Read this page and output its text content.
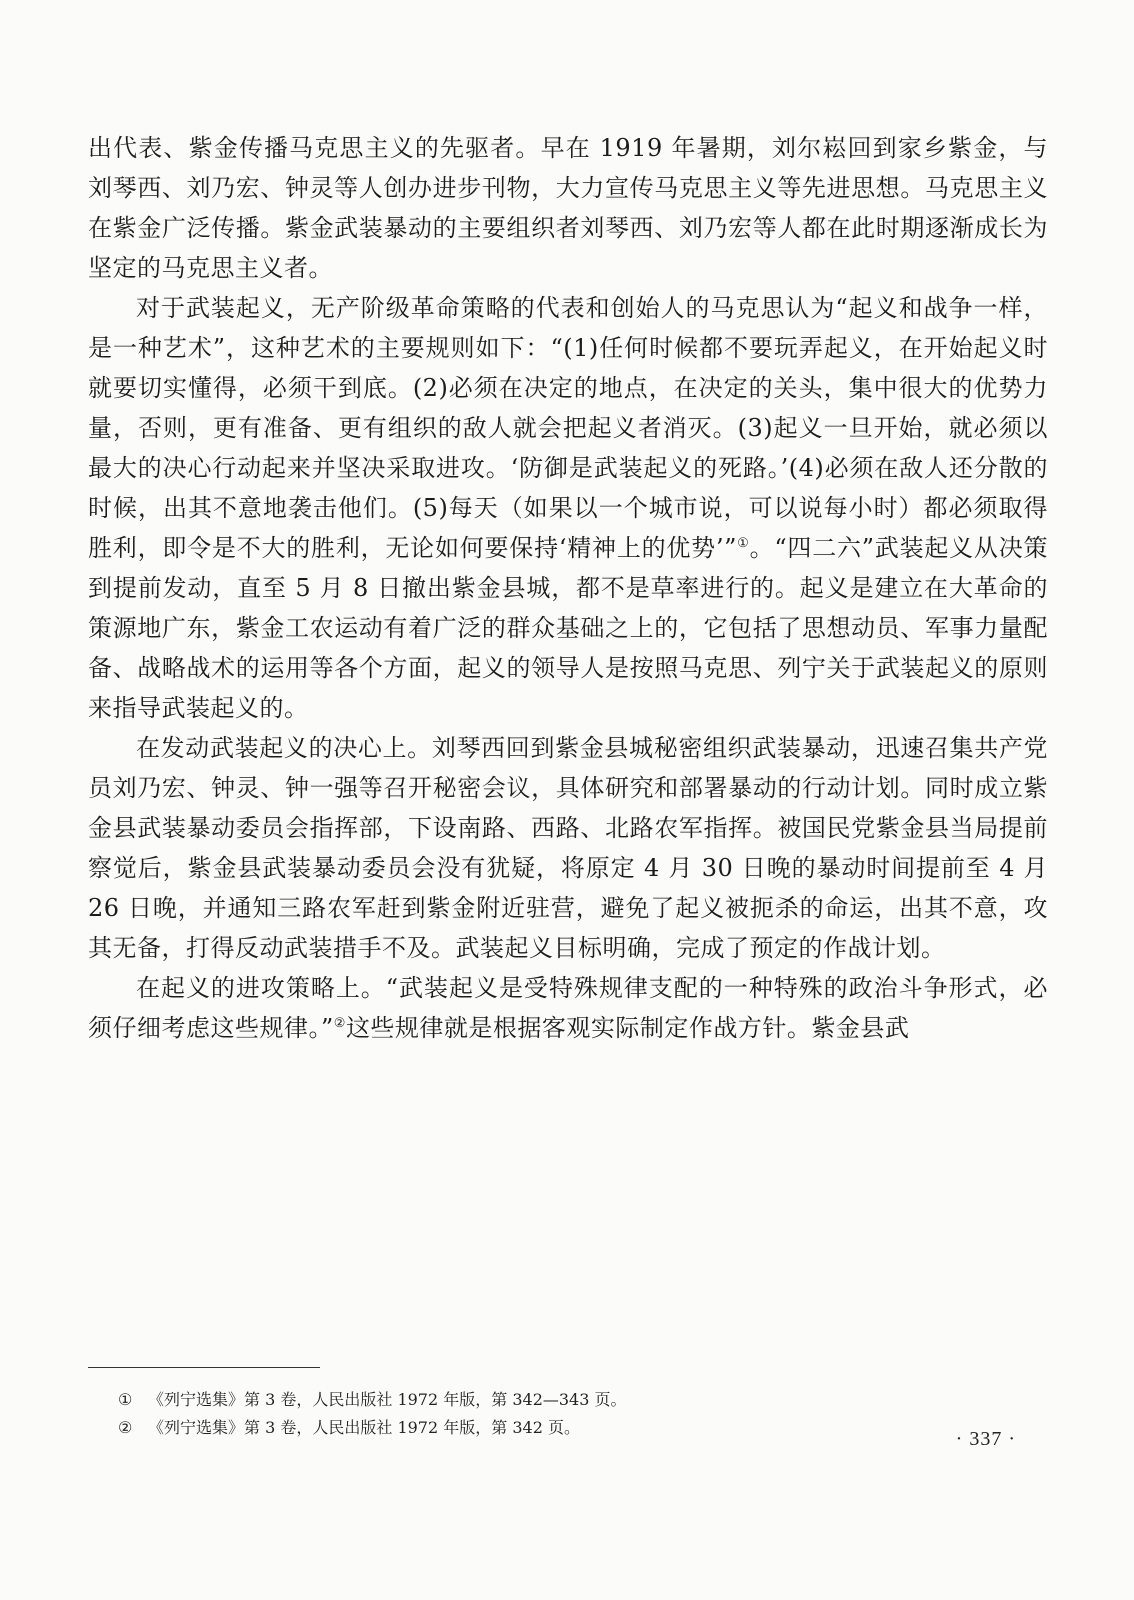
出代表、紫金传播马克思主义的先驱者。早在 1919 年暑期，刘尔崧回到家乡紫金，与刘琴西、刘乃宏、钟灵等人创办进步刊物，大力宣传马克思主义等先进思想。马克思主义在紫金广泛传播。紫金武装暴动的主要组织者刘琴西、刘乃宏等人都在此时期逐渐成长为坚定的马克思主义者。

对于武装起义，无产阶级革命策略的代表和创始人的马克思认为“起义和战争一样，是一种艺术”，这种艺术的主要规则如下：“(1)任何时候都不要玩弄起义，在开始起义时就要切实懂得，必须干到底。(2)必须在决定的地点，在决定的关头，集中很大的优势力量，否则，更有准备、更有组织的敌人就会把起义者消灭。(3)起义一旦开始，就必须以最大的决心行动起来并坚决采取进攻。‘防御是武装起义的死路。’(4)必须在敌人还分散的时候，出其不意地袭击他们。(5)每天（如果以一个城市说，可以说每小时）都必须取得胜利，即令是不大的胜利，无论如何要保持‘精神上的优势’”①。“四二六”武装起义从决策到提前发动，直至 5 月 8 日撤出紫金县城，都不是草率进行的。起义是建立在大革命的策源地广东，紫金工农运动有着广泛的群众基础之上的，它包括了思想动员、军事力量配备、战略战术的运用等各个方面，起义的领导人是按照马克思、列宁关于武装起义的原则来指导武装起义的。

在发动武装起义的决心上。刘琴西回到紫金县城秘密组织武装暴动，迅速召集共产党员刘乃宏、钟灵、钟一强等召开秘密会议，具体研究和部署暴动的行动计划。同时成立紫金县武装暴动委员会指挥部，下设南路、西路、北路农军指挥。被国民党紫金县当局提前察觉后，紫金县武装暴动委员会没有犹疑，将原定 4 月 30 日晚的暴动时间提前至 4 月 26 日晚，并通知三路农军赶到紫金附近驻营，避免了起义被扼杀的命运，出其不意，攻其无备，打得反动武装措手不及。武装起义目标明确，完成了预定的作战计划。

在起义的进攻策略上。“武装起义是受特殊规律支配的一种特殊的政治斗争形式，必须仔细考虑这些规律。”②这些规律就是根据客观实际制定作战方针。紫金县武

① 《列宁选集》第 3 卷，人民出版社 1972 年版，第 342—343 页。
② 《列宁选集》第 3 卷，人民出版社 1972 年版，第 342 页。
· 337 ·
